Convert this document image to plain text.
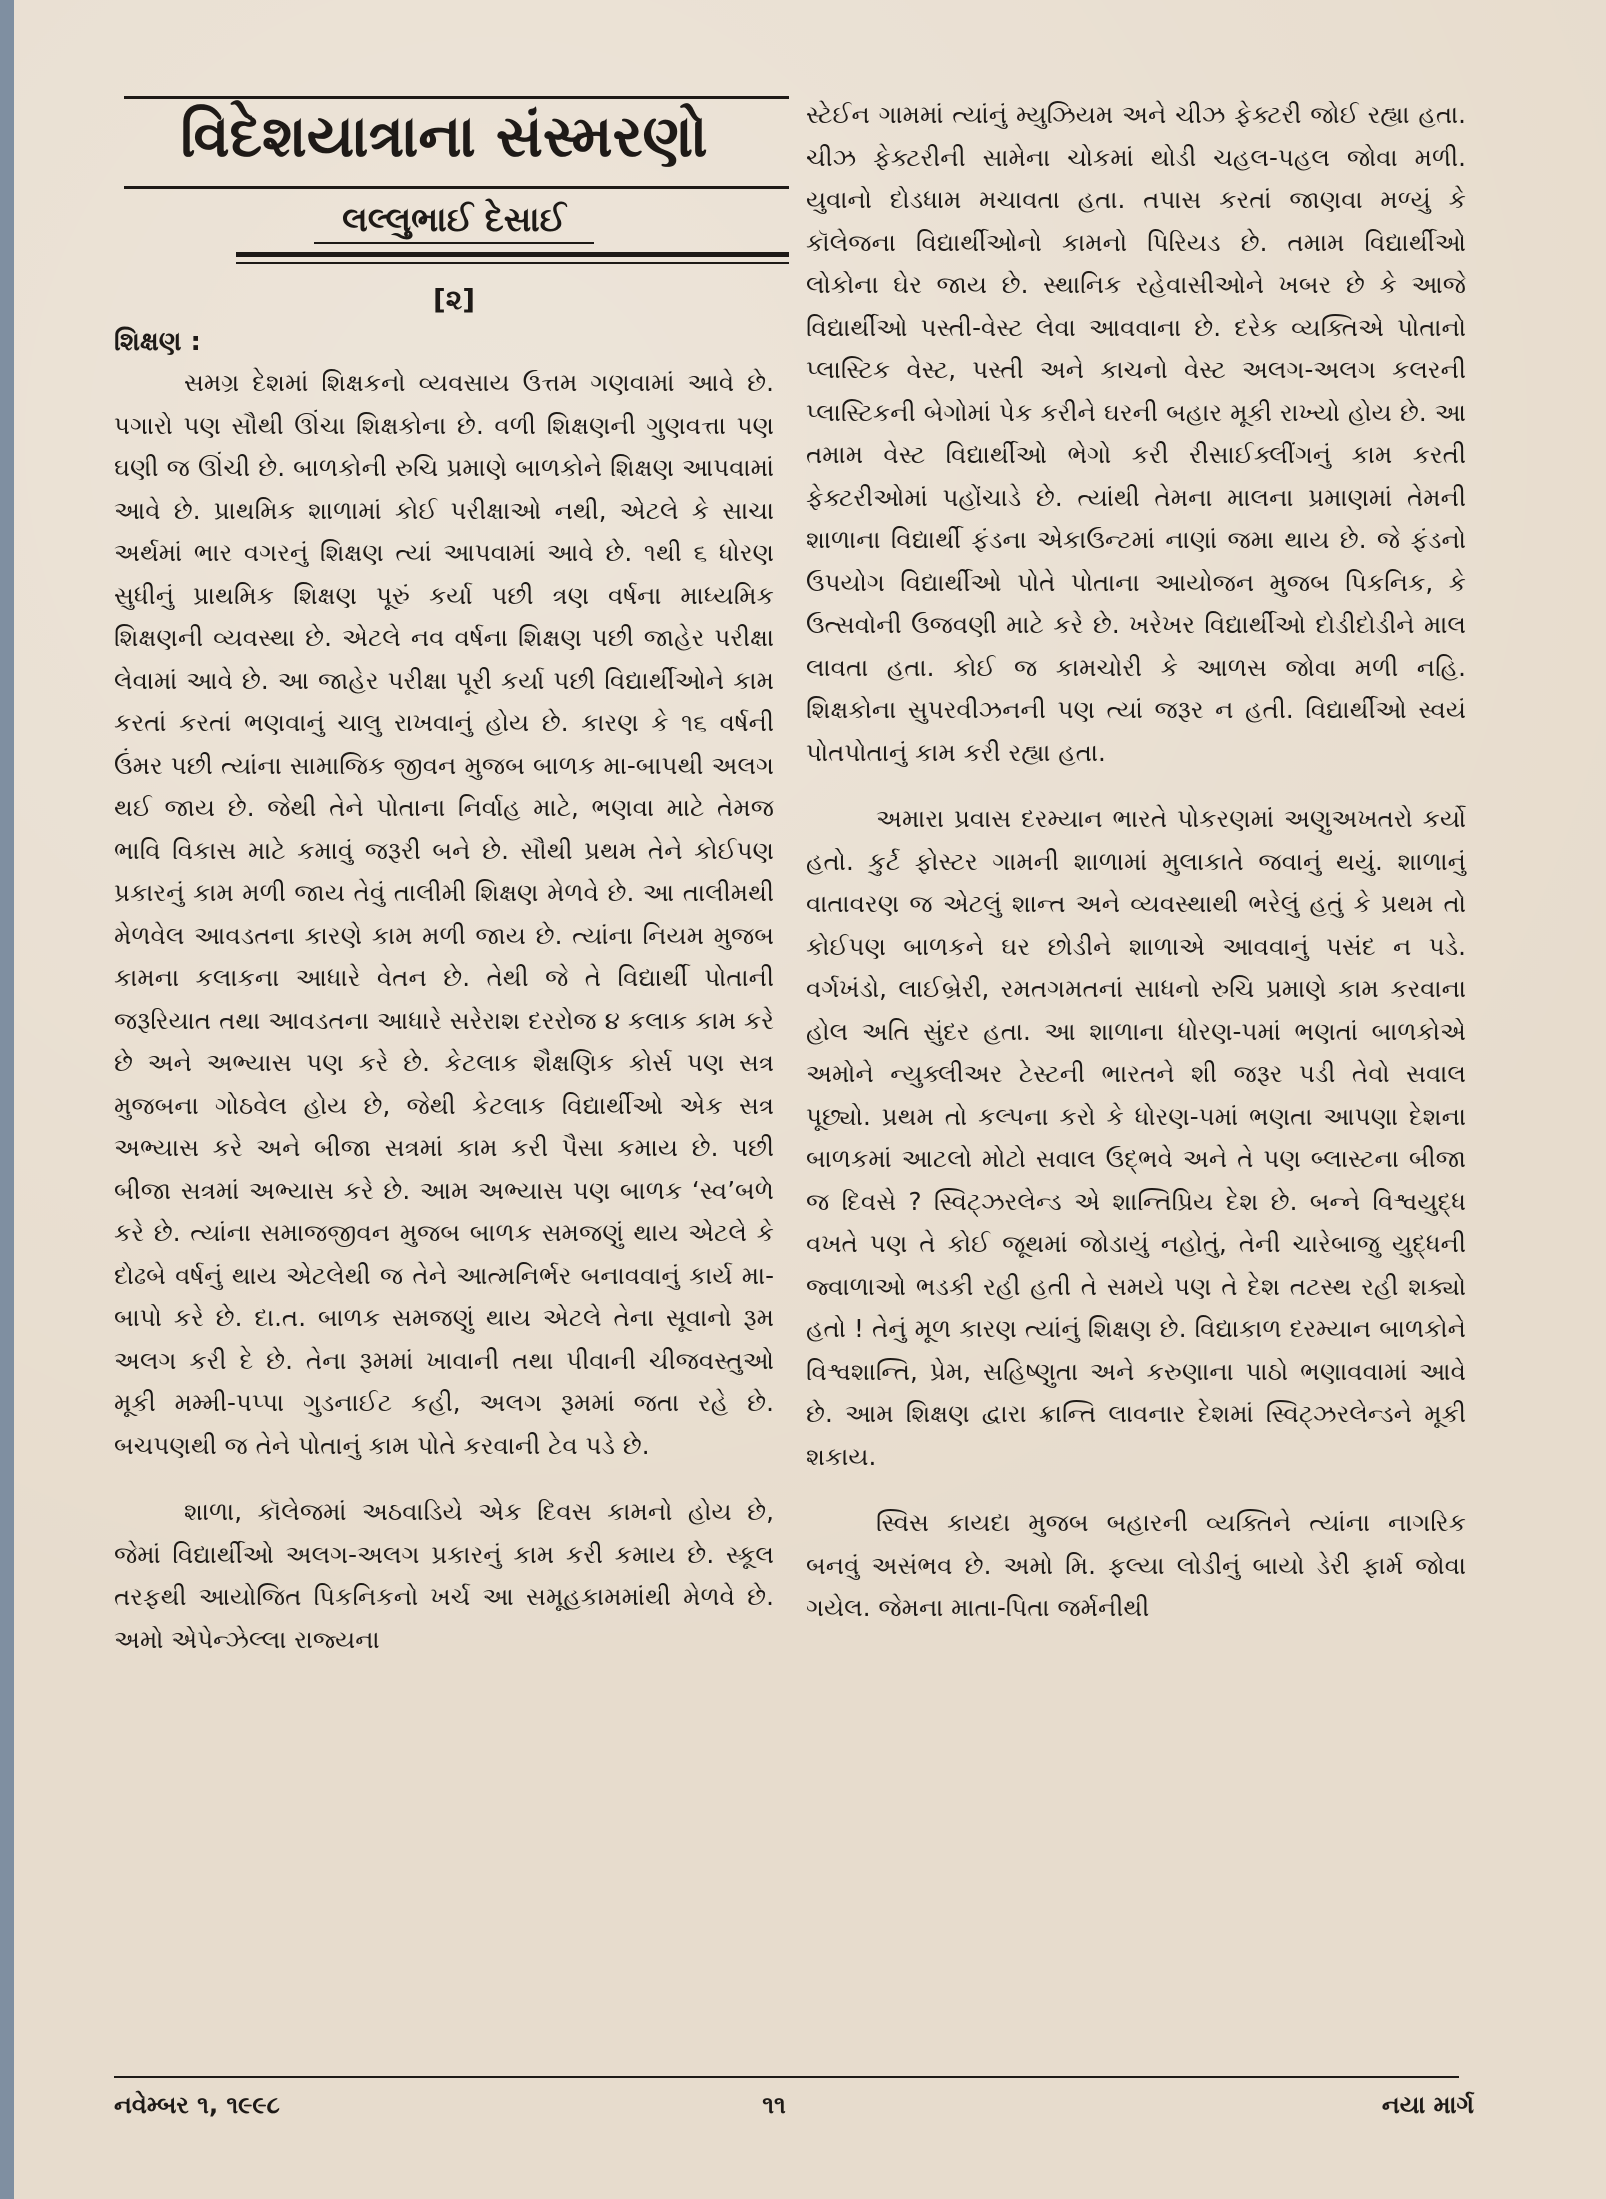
વિદેશયાત્રાના સંસ્મરણો
લલ્લુભાઈ દેસાઈ
[૨]
શિક્ષણ :

સમગ્ર દેશમાં શિક્ષકનો વ્યવસાય ઉત્તમ ગણવામાં આવે છે. પગારો પણ સૌથી ઊંચા શિક્ષકોના છે. વળી શિક્ષણની ગુણવત્તા પણ ઘણી જ ઊંચી છે. બાળકોની રુચિ પ્રમાણે બાળકોને શિક્ષણ આપવામાં આવે છે. પ્રાથમિક શાળામાં કોઈ પરીક્ષાઓ નથી, એટલે કે સાચા અર્થમાં ભાર વગરનું શિક્ષણ ત્યાં આપવામાં આવે છે. ૧થી ૬ ધોરણ સુધીનું પ્રાથમિક શિક્ષણ પૂરું કર્યા પછી ત્રણ વર્ષના માધ્યમિક શિક્ષણની વ્યવસ્થા છે. એટલે નવ વર્ષના શિક્ષણ પછી જાહેર પરીક્ષા લેવામાં આવે છે. આ જાહેર પરીક્ષા પૂરી કર્યા પછી વિદ્યાર્થીઓને કામ કરતાં કરતાં ભણવાનું ચાલુ રાખવાનું હોય છે. કારણ કે ૧૬ વર્ષની ઉંમર પછી ત્યાંના સામાજિક જીવન મુજબ બાળક મા-બાપથી અલગ થઈ જાય છે. જેથી તેને પોતાના નિર્વાહ માટે, ભણવા માટે તેમજ ભાવિ વિકાસ માટે કમાવું જરૂરી બને છે. સૌથી પ્રથમ તેને કોઈપણ પ્રકારનું કામ મળી જાય તેવું તાલીમી શિક્ષણ મેળવે છે. આ તાલીમથી મેળવેલ આવડતના કારણે કામ મળી જાય છે. ત્યાંના નિયમ મુજબ કામના કલાકના આધારે વેતન છે. તેથી જે તે વિદ્યાર્થી પોતાની જરૂરિયાત તથા આવડતના આધારે સરેરાશ દરરોજ ૪ કલાક કામ કરે છે અને અભ્યાસ પણ કરે છે. કેટલાક શૈક્ષણિક કોર્સ પણ સત્ર મુજબના ગોઠવેલ હોય છે, જેથી કેટલાક વિદ્યાર્થીઓ એક સત્ર અભ્યાસ કરે અને બીજા સત્રમાં કામ કરી પૈસા કમાય છે. પછી બીજા સત્રમાં અભ્યાસ કરે છે. આમ અભ્યાસ પણ બાળક ‘સ્વ’બળે કરે છે. ત્યાંના સમાજજીવન મુજબ બાળક સમજણું થાય એટલે કે દોઢબે વર્ષનું થાય એટલેથી જ તેને આત્મનિર્ભર બનાવવાનું કાર્ય મા-બાપો કરે છે. દા.ત. બાળક સમજણું થાય એટલે તેના સૂવાનો રૂમ અલગ કરી દે છે. તેના રૂમમાં ખાવાની તથા પીવાની ચીજવસ્તુઓ મૂકી મમ્મી-પપ્પા ગુડનાઈટ કહી, અલગ રૂમમાં જતા રહે છે. બચપણથી જ તેને પોતાનું કામ પોતે કરવાની ટેવ પડે છે.

શાળા, કૉલેજમાં અઠવાડિયે એક દિવસ કામનો હોય છે, જેમાં વિદ્યાર્થીઓ અલગ-અલગ પ્રકારનું કામ કરી કમાય છે. સ્કૂલ તરફથી આયોજિત પિકનિકનો ખર્ચ આ સમૂહકામમાંથી મેળવે છે. અમો એપેન્ઝેલ્લા રાજ્યના

સ્ટેઈન ગામમાં ત્યાંનું મ્યુઝિયમ અને ચીઝ ફેક્ટરી જોઈ રહ્યા હતા. ચીઝ ફેક્ટરીની સામેના ચોકમાં થોડી ચહલ-પહલ જોવા મળી. યુવાનો દોડધામ મચાવતા હતા. તપાસ કરતાં જાણવા મળ્યું કે કૉલેજના વિદ્યાર્થીઓનો કામનો પિરિયડ છે. તમામ વિદ્યાર્થીઓ લોકોના ઘેર જાય છે. સ્થાનિક રહેવાસીઓને ખબર છે કે આજે વિદ્યાર્થીઓ પસ્તી-વેસ્ટ લેવા આવવાના છે. દરેક વ્યક્તિએ પોતાનો પ્લાસ્ટિક વેસ્ટ, પસ્તી અને કાચનો વેસ્ટ અલગ-અલગ કલરની પ્લાસ્ટિકની બેગોમાં પેક કરીને ઘરની બહાર મૂકી રાખ્યો હોય છે. આ તમામ વેસ્ટ વિદ્યાર્થીઓ ભેગો કરી રીસાઈક્લીંગનું કામ કરતી ફેક્ટરીઓમાં પહોંચાડે છે. ત્યાંથી તેમના માલના પ્રમાણમાં તેમની શાળાના વિદ્યાર્થી ફંડના એકાઉન્ટમાં નાણાં જમા થાય છે. જે ફંડનો ઉપયોગ વિદ્યાર્થીઓ પોતે પોતાના આયોજન મુજબ પિકનિક, કે ઉત્સવોની ઉજવણી માટે કરે છે. ખરેખર વિદ્યાર્થીઓ દોડીદોડીને માલ લાવતા હતા. કોઈ જ કામચોરી કે આળસ જોવા મળી નહિ. શિક્ષકોના સુપરવીઝનની પણ ત્યાં જરૂર ન હતી. વિદ્યાર્થીઓ સ્વયં પોતપોતાનું કામ કરી રહ્યા હતા.

અમારા પ્રવાસ દરમ્યાન ભારતે પોકરણમાં અણુઅખતરો કર્યો હતો. કુર્ટ ફોસ્ટર ગામની શાળામાં મુલાકાતે જવાનું થયું. શાળાનું વાતાવરણ જ એટલું શાન્ત અને વ્યવસ્થાથી ભરેલું હતું કે પ્રથમ તો કોઈપણ બાળકને ઘર છોડીને શાળાએ આવવાનું પસંદ ન પડે. વર્ગખંડો, લાઈબ્રેરી, રમતગમતનાં સાધનો રુચિ પ્રમાણે કામ કરવાના હોલ અતિ સુંદર હતા. આ શાળાના ધોરણ-૫માં ભણતાં બાળકોએ અમોને ન્યુક્લીઅર ટેસ્ટની ભારતને શી જરૂર પડી તેવો સવાલ પૂછ્યો. પ્રથમ તો કલ્પના કરો કે ધોરણ-૫માં ભણતા આપણા દેશના બાળકમાં આટલો મોટો સવાલ ઉદ્‌ભવે અને તે પણ બ્લાસ્ટના બીજા જ દિવસે ? સ્વિટ્ઝરલેન્ડ એ શાન્તિપ્રિય દેશ છે. બન્ને વિશ્વયુદ્ધ વખતે પણ તે કોઈ જૂથમાં જોડાયું નહોતું, તેની ચારેબાજુ યુદ્ધની જ્વાળાઓ ભડકી રહી હતી તે સમયે પણ તે દેશ તટસ્થ રહી શક્યો હતો ! તેનું મૂળ કારણ ત્યાંનું શિક્ષણ છે. વિદ્યાકાળ દરમ્યાન બાળકોને વિશ્વશાન્તિ, પ્રેમ, સહિષ્ણુતા અને કરુણાના પાઠો ભણાવવામાં આવે છે. આમ શિક્ષણ દ્વારા ક્રાન્તિ લાવનાર દેશમાં સ્વિટ્ઝરલેન્ડને મૂકી શકાય.

સ્વિસ કાયદા મુજબ બહારની વ્યક્તિને ત્યાંના નાગરિક બનવું અસંભવ છે. અમો મિ. ફલ્યા લોડીનું બાયો ડેરી ફાર્મ જોવા ગયેલ. જેમના માતા-પિતા જર્મનીથી

નવેમ્બર ૧, ૧૯૯૮	૧૧	નયા માર્ગ
